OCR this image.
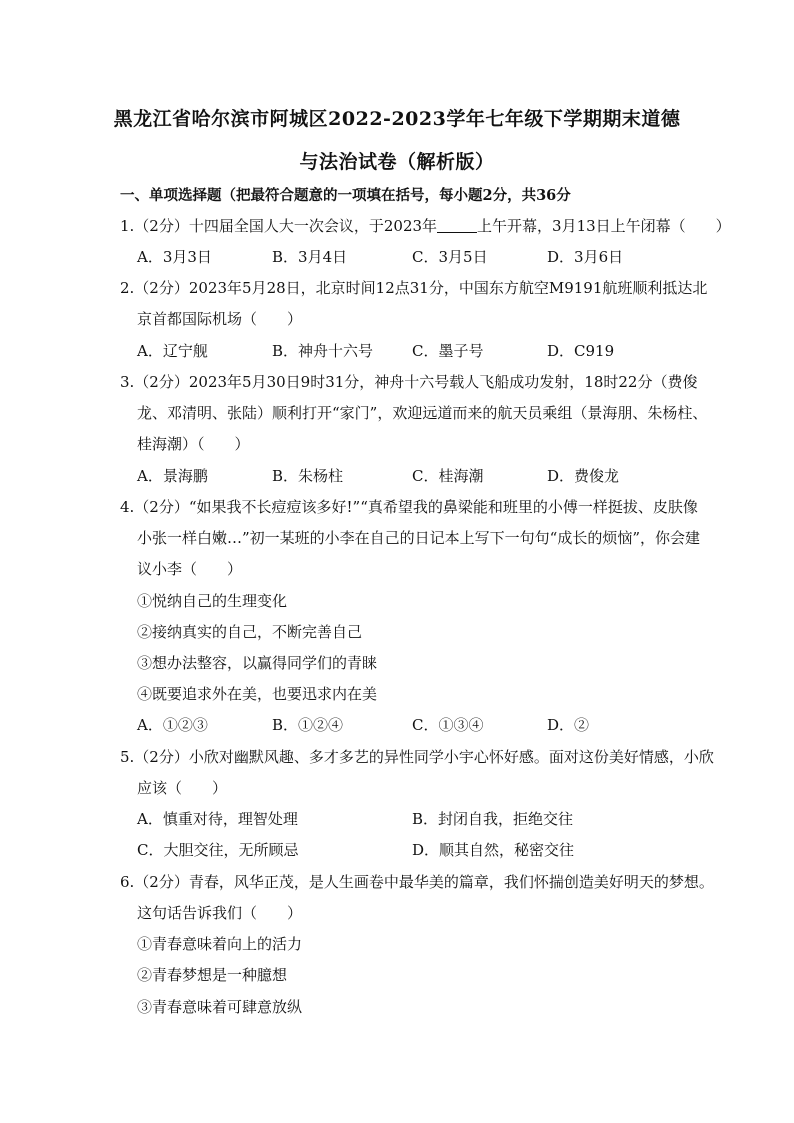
黑龙江省哈尔滨市阿城区2022-2023学年七年级下学期期末道德
与法治试卷（解析版）
一、单项选择题（把最符合题意的一项填在括号，每小题2分，共36分
1.（2分）十四届全国人大一次会议，于2023年	上午开幕，3月13日上午闭幕（　　）
A．3月3日	B．3月4日	C．3月5日	D．3月6日
2.（2分）2023年5月28日，北京时间12点31分，中国东方航空M9191航班顺利抵达北
京首都国际机场（　　）
A．辽宁舰	B．神舟十六号	C．墨子号	D．C919
3.（2分）2023年5月30日9时31分，神舟十六号载人飞船成功发射，18时22分（费俊
龙、邓清明、张陆）顺利打开“家门”，欢迎远道而来的航天员乘组（景海朋、朱杨柱、
桂海潮）（　　）
A．景海鹏	B．朱杨柱	C．桂海潮	D．费俊龙
4.（2分）“如果我不长痘痘该多好!”“真希望我的鼻梁能和班里的小傅一样挺拔、皮肤像
小张一样白嫩…”初一某班的小李在自己的日记本上写下一句句“成长的烦恼”，你会建
议小李（　　）
①悦纳自己的生理变化
②接纳真实的自己，不断完善自己
③想办法整容，以赢得同学们的青睐
④既要追求外在美，也要迅求内在美
A．①②③	B．①②④	C．①③④	D．②
5.（2分）小欣对幽默风趣、多才多艺的异性同学小宇心怀好感。面对这份美好情感，小欣
应该（　　）
A．慎重对待，理智处理	B．封闭自我，拒绝交往
C．大胆交往，无所顾忌	D．顺其自然，秘密交往
6.（2分）青春，风华正茂，是人生画卷中最华美的篇章，我们怀揣创造美好明天的梦想。
这句话告诉我们（　　）
①青春意味着向上的活力
②青春梦想是一种臆想
③青春意味着可肆意放纵
